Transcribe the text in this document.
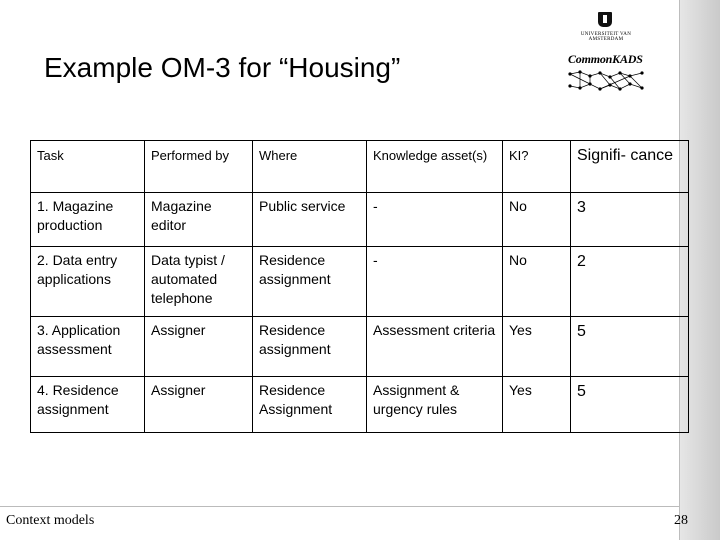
Example OM-3 for “Housing”
UNIVERSITEIT VAN AMSTERDAM
CommonKADS
Task	Performed by	Where	Knowledge asset(s)	KI?	Signifi- cance
1. Magazine production	Magazine editor	Public service	-	No	3
2. Data entry applications	Data typist / automated telephone	Residence assignment	-	No	2
3. Application assessment	Assigner	Residence assignment	Assessment criteria	Yes	5
4. Residence assignment	Assigner	Residence Assignment	Assignment & urgency rules	Yes	5
Context models	28
